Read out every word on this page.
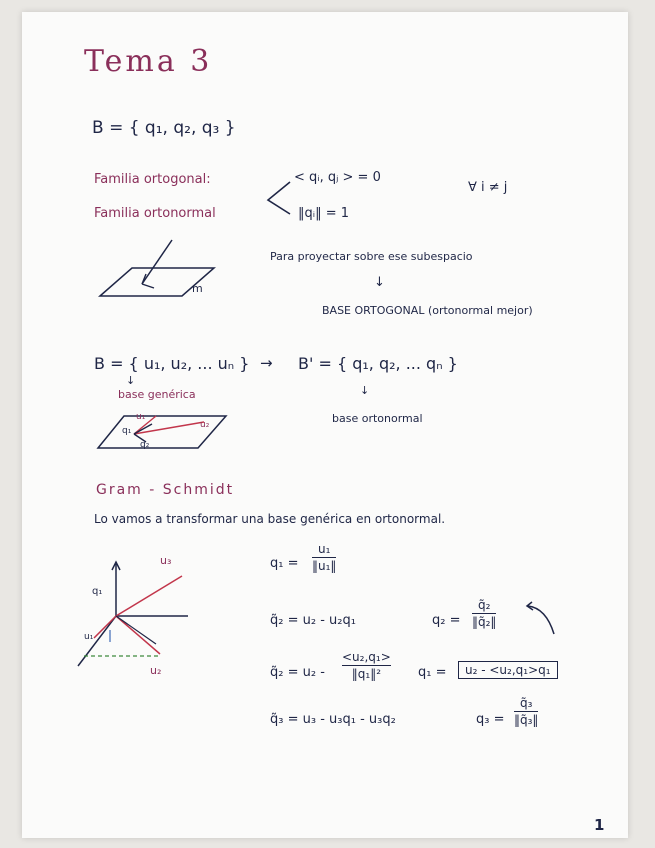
Tema 3
B = { q₁, q₂, q₃ }
Familia ortogonal:	< qᵢ, qⱼ > = 0
∀ i ≠ j
Familia ortonormal	‖qᵢ‖ = 1
m
Para proyectar sobre ese subespacio
↓
BASE ORTOGONAL (ortonormal mejor)
B = { u₁, u₂, ... uₙ } → B' = { q₁, q₂, ... qₙ }
↓
base genérica	↓
base ortonormal
u₁
u₂
q₁
q₂
Gram - Schmidt
Lo vamos a transformar una base genérica en ortonormal.
u₃
q₁
u₁
u₂
q₁ =
u₁
‖u₁‖
q̃₂ = u₂ - u₂q₁	q₂ =
q̃₂
‖q̃₂‖
q̃₂ = u₂ -
<u₂,q₁>
‖q₁‖²	q₁ =	u₂ - <u₂,q₁>q₁
q̃₃ = u₃ - u₃q₁ - u₃q₂	q₃ =
q̃₃
‖q̃₃‖
1
